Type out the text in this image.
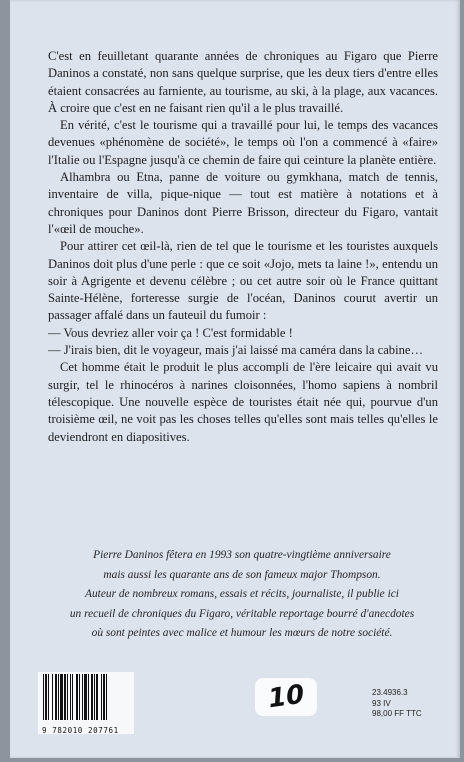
C'est en feuilletant quarante années de chroniques au Figaro que Pierre Daninos a constaté, non sans quelque surprise, que les deux tiers d'entre elles étaient consacrées au farniente, au tourisme, au ski, à la plage, aux vacances. À croire que c'est en ne faisant rien qu'il a le plus travaillé.

En vérité, c'est le tourisme qui a travaillé pour lui, le temps des vacances devenues «phénomène de société», le temps où l'on a commencé à «faire» l'Italie ou l'Espagne jusqu'à ce chemin de faire qui ceinture la planète entière.

Alhambra ou Etna, panne de voiture ou gymkhana, match de tennis, inventaire de villa, pique-nique — tout est matière à notations et à chroniques pour Daninos dont Pierre Brisson, directeur du Figaro, vantait l'«œil de mouche».

Pour attirer cet œil-là, rien de tel que le tourisme et les touristes auxquels Daninos doit plus d'une perle : que ce soit «Jojo, mets ta laine !», entendu un soir à Agrigente et devenu célèbre ; ou cet autre soir où le France quittant Sainte-Hélène, forteresse surgie de l'océan, Daninos courut avertir un passager affalé dans un fauteuil du fumoir :

— Vous devriez aller voir ça ! C'est formidable !

— J'irais bien, dit le voyageur, mais j'ai laissé ma caméra dans la cabine…

Cet homme était le produit le plus accompli de l'ère leicaire qui avait vu surgir, tel le rhinocéros à narines cloisonnées, l'homo sapiens à nombril télescopique. Une nouvelle espèce de touristes était née qui, pourvue d'un troisième œil, ne voit pas les choses telles qu'elles sont mais telles qu'elles le deviendront en diapositives.

Pierre Daninos fêtera en 1993 son quatre-vingtième anniversaire
mais aussi les quarante ans de son fameux major Thompson.
Auteur de nombreux romans, essais et récits, journaliste, il publie ici
un recueil de chroniques du Figaro, véritable reportage bourré d'anecdotes
où sont peintes avec malice et humour les mœurs de notre société.
9 782010 207761
10	23.4936.3
93 IV
98,00 FF TTC
